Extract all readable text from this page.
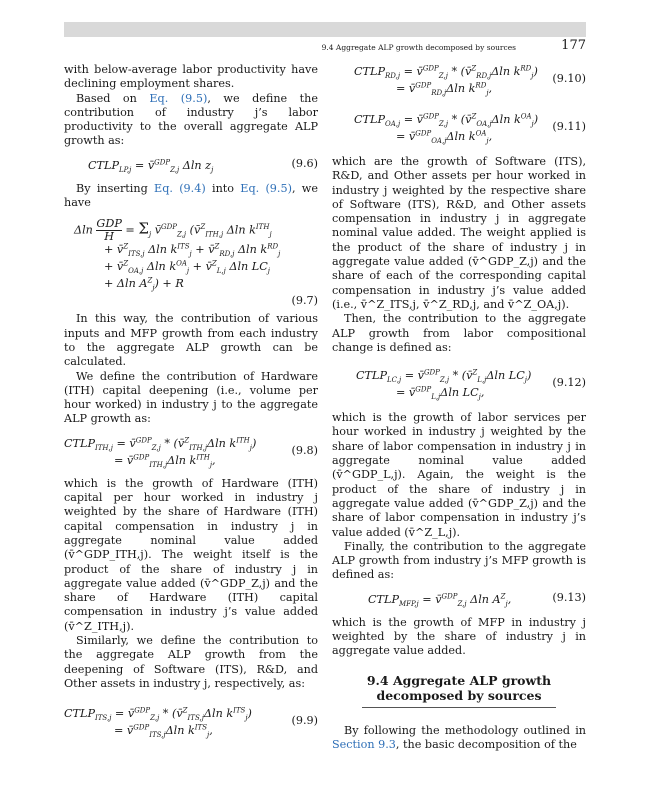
9.4 Aggregate ALP growth decomposed by sources	177

with below-average labor productivity have declining employment shares.

Based on Eq. (9.5), we define the contribution of industry j’s labor productivity to the overall aggregate ALP growth as:

$CTLP_{LP,j}$ = v̄$^{GDP}_{Z,j}$ Δln $z_j$
(9.6)

By inserting Eq. (9.4) into Eq. (9.5), we have

Δln GDP
$H = \Sigma_j$ v̄$^{GDP}_{Z,j}$ (v̄$^Z_{ITH,j}$ Δln $k^{ITH}_j$
+ v̄$^Z_{ITS,j}$ Δln $k^{ITS}_j$ + v̄$^Z_{RD,j}$ Δln $k^{RD}_j$
+ v̄$^Z_{OA,j}$ Δln $k^{OA}_j$ + v̄$^Z_{L,j}$ Δln $LC_j$
+ Δln $A^Z_j) + R$
(9.7)

In this way, the contribution of various inputs and MFP growth from each industry to the aggregate ALP growth can be calculated.

We define the contribution of Hardware (ITH) capital deepening (i.e., volume per hour worked) in industry j to the aggregate ALP growth as:

$CTLP_{ITH,j}$ = v̄$^{GDP}_{Z,j}$ * (v̄$^Z_{ITH,j}$Δln $k^{ITH}_j$)
= v̄$^{GDP}_{ITH,j}$Δln $k^{ITH}_j$,
(9.8)

which is the growth of Hardware (ITH) capital per hour worked in industry j weighted by the share of Hardware (ITH) capital compensation in industry j in aggregate nominal value added (v̄^GDP_ITH,j). The weight itself is the product of the share of industry j in aggregate value added (v̄^GDP_Z,j) and the share of Hardware (ITH) capital compensation in industry j’s value added (v̄^Z_ITH,j).

Similarly, we define the contribution to the aggregate ALP growth from the deepening of Software (ITS), R&D, and Other assets in industry j, respectively, as:

$CTLP_{ITS,j}$ = v̄$^{GDP}_{Z,j}$ * (v̄$^Z_{ITS,j}$Δln $k^{ITS}_j$)
= v̄$^{GDP}_{ITS,j}$Δln $k^{ITS}_j$,
(9.9)
$CTLP_{RD,j}$ = v̄$^{GDP}_{Z,j}$ * (v̄$^Z_{RD,j}$Δln $k^{RD}_j$)
= v̄$^{GDP}_{RD,j}$Δln $k^{RD}_j$,
(9.10)
$CTLP_{OA,j}$ = v̄$^{GDP}_{Z,j}$ * (v̄$^Z_{OA,j}$Δln $k^{OA}_j$)
= v̄$^{GDP}_{OA,j}$Δln $k^{OA}_j$,
(9.11)

which are the growth of Software (ITS), R&D, and Other assets per hour worked in industry j weighted by the respective share of Software (ITS), R&D, and Other assets compensation in industry j in aggregate nominal value added. The weight applied is the product of the share of industry j in aggregate value added (v̄^GDP_Z,j) and the share of each of the corresponding capital compensation in industry j’s value added (i.e., v̄^Z_ITS,j, v̄^Z_RD,j, and v̄^Z_OA,j).

Then, the contribution to the aggregate ALP growth from labor compositional change is defined as:

$CTLP_{LC,j}$ = v̄$^{GDP}_{Z,j}$ * (v̄$^Z_{L,j}$Δln $LC_j$)
= v̄$^{GDP}_{L,j}$Δln $LC_j$,
(9.12)

which is the growth of labor services per hour worked in industry j weighted by the share of labor compensation in industry j in aggregate nominal value added (v̄^GDP_L,j). Again, the weight is the product of the share of industry j in aggregate value added (v̄^GDP_Z,j) and the share of labor compensation in industry j’s value added (v̄^Z_L,j).

Finally, the contribution to the aggregate ALP growth from industry j’s MFP growth is defined as:

$CTLP_{MFP,j}$ = v̄$^{GDP}_{Z,j}$ Δln $A^Z_j$,	(9.13)

which is the growth of MFP in industry j weighted by the share of industry j in aggregate value added.

9.4 Aggregate ALP growth decomposed by sources

By following the methodology outlined in Section 9.3, the basic decomposition of the
